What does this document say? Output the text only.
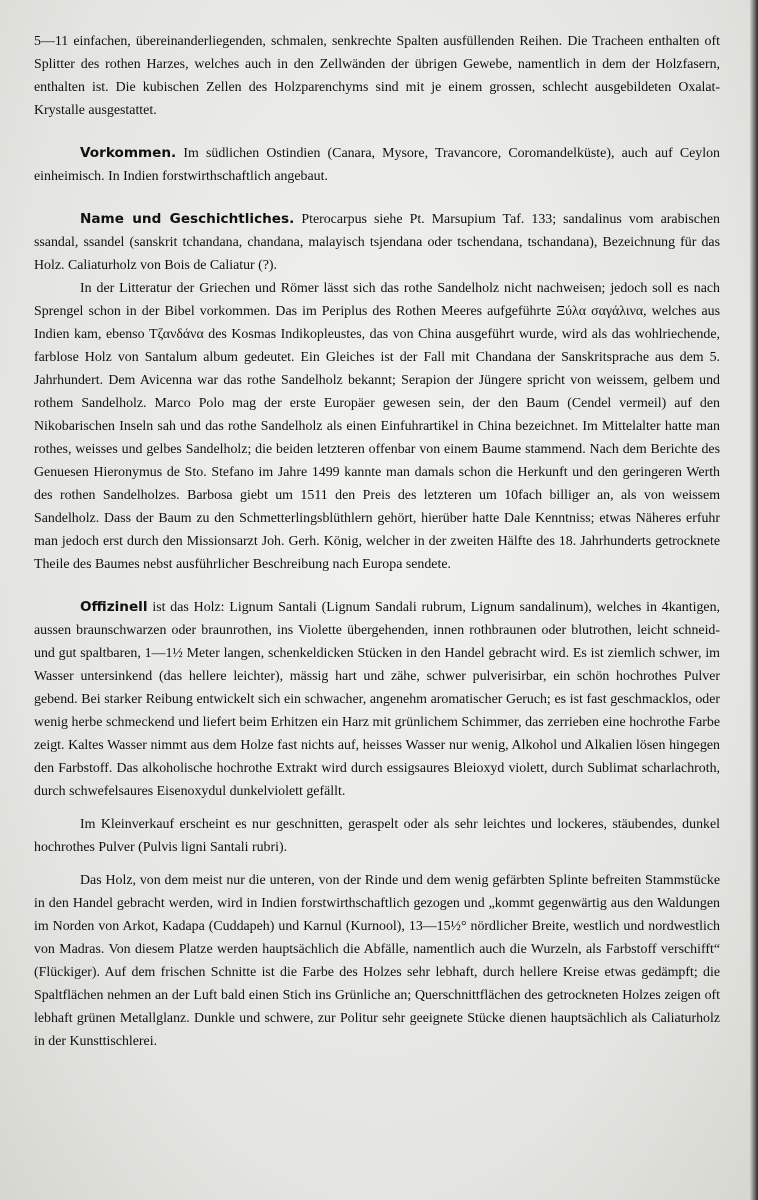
5—11 einfachen, übereinanderliegenden, schmalen, senkrechte Spalten ausfüllenden Reihen. Die Tracheen enthalten oft Splitter des rothen Harzes, welches auch in den Zellwänden der übrigen Gewebe, namentlich in dem der Holzfasern, enthalten ist. Die kubischen Zellen des Holzparenchyms sind mit je einem grossen, schlecht ausgebildeten Oxalat-Krystalle ausgestattet.

Vorkommen. Im südlichen Ostindien (Canara, Mysore, Travancore, Coromandelküste), auch auf Ceylon einheimisch. In Indien forstwirthschaftlich angebaut.

Name und Geschichtliches. Pterocarpus siehe Pt. Marsupium Taf. 133; sandalinus vom arabischen ssandal, ssandel (sanskrit tchandana, chandana, malayisch tsjendana oder tschendana, tschandana), Bezeichnung für das Holz. Caliaturholz von Bois de Caliatur (?).

In der Litteratur der Griechen und Römer lässt sich das rothe Sandelholz nicht nachweisen; jedoch soll es nach Sprengel schon in der Bibel vorkommen. Das im Periplus des Rothen Meeres aufgeführte Ξύλα σαγάλινα, welches aus Indien kam, ebenso Τζανδάνα des Kosmas Indikopleustes, das von China ausgeführt wurde, wird als das wohlriechende, farblose Holz von Santalum album gedeutet. Ein Gleiches ist der Fall mit Chandana der Sanskritsprache aus dem 5. Jahrhundert. Dem Avicenna war das rothe Sandelholz bekannt; Serapion der Jüngere spricht von weissem, gelbem und rothem Sandelholz. Marco Polo mag der erste Europäer gewesen sein, der den Baum (Cendel vermeil) auf den Nikobarischen Inseln sah und das rothe Sandelholz als einen Einfuhrartikel in China bezeichnet. Im Mittelalter hatte man rothes, weisses und gelbes Sandelholz; die beiden letzteren offenbar von einem Baume stammend. Nach dem Berichte des Genuesen Hieronymus de Sto. Stefano im Jahre 1499 kannte man damals schon die Herkunft und den geringeren Werth des rothen Sandelholzes. Barbosa giebt um 1511 den Preis des letzteren um 10fach billiger an, als von weissem Sandelholz. Dass der Baum zu den Schmetterlingsblüthlern gehört, hierüber hatte Dale Kenntniss; etwas Näheres erfuhr man jedoch erst durch den Missionsarzt Joh. Gerh. König, welcher in der zweiten Hälfte des 18. Jahrhunderts getrocknete Theile des Baumes nebst ausführlicher Beschreibung nach Europa sendete.

Offizinell ist das Holz: Lignum Santali (Lignum Sandali rubrum, Lignum sandalinum), welches in 4kantigen, aussen braunschwarzen oder braunrothen, ins Violette übergehenden, innen rothbraunen oder blutrothen, leicht schneid- und gut spaltbaren, 1—1½ Meter langen, schenkeldicken Stücken in den Handel gebracht wird. Es ist ziemlich schwer, im Wasser untersinkend (das hellere leichter), mässig hart und zähe, schwer pulverisirbar, ein schön hochrothes Pulver gebend. Bei starker Reibung entwickelt sich ein schwacher, angenehm aromatischer Geruch; es ist fast geschmacklos, oder wenig herbe schmeckend und liefert beim Erhitzen ein Harz mit grünlichem Schimmer, das zerrieben eine hochrothe Farbe zeigt. Kaltes Wasser nimmt aus dem Holze fast nichts auf, heisses Wasser nur wenig, Alkohol und Alkalien lösen hingegen den Farbstoff. Das alkoholische hochrothe Extrakt wird durch essigsaures Bleioxyd violett, durch Sublimat scharlachroth, durch schwefelsaures Eisenoxydul dunkelviolett gefällt.

Im Kleinverkauf erscheint es nur geschnitten, geraspelt oder als sehr leichtes und lockeres, stäubendes, dunkel hochrothes Pulver (Pulvis ligni Santali rubri).

Das Holz, von dem meist nur die unteren, von der Rinde und dem wenig gefärbten Splinte befreiten Stammstücke in den Handel gebracht werden, wird in Indien forstwirthschaftlich gezogen und „kommt gegenwärtig aus den Waldungen im Norden von Arkot, Kadapa (Cuddapeh) und Karnul (Kurnool), 13—15½° nördlicher Breite, westlich und nordwestlich von Madras. Von diesem Platze werden hauptsächlich die Abfälle, namentlich auch die Wurzeln, als Farbstoff verschifft“ (Flückiger). Auf dem frischen Schnitte ist die Farbe des Holzes sehr lebhaft, durch hellere Kreise etwas gedämpft; die Spaltflächen nehmen an der Luft bald einen Stich ins Grünliche an; Querschnittflächen des getrockneten Holzes zeigen oft lebhaft grünen Metallglanz. Dunkle und schwere, zur Politur sehr geeignete Stücke dienen hauptsächlich als Caliaturholz in der Kunsttischlerei.
